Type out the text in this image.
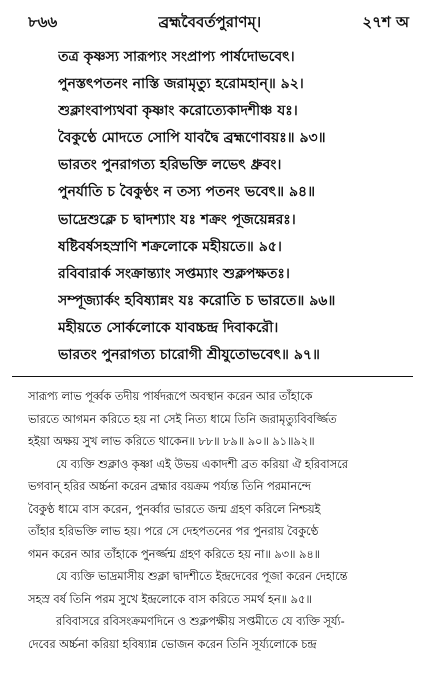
৮৬৬	ব্রহ্মবৈবর্তপুরাণম্।	২৭শ অ
তত্র কৃষ্ণস্য সারূপ্যং সংপ্রাপ্য পার্ষদোভবেৎ।
পুনস্তৎপতনং নাস্তি জরামৃত্যু হরোমহান্॥ ৯২।
শুক্লাংবাপ্যথবা কৃষ্ণাং করোত্যেকাদশীঞ্চ যঃ।
বৈকুণ্ঠে মোদতে সোপি যাবদ্বৈ ব্রহ্মণোবয়ঃ॥ ৯৩॥
ভারতং পুনরাগত্য হরিভক্তি লভেৎ ধ্রুবং।
পুনর্যাতি চ বৈকুণ্ঠং ন তস্য পতনং ভবেৎ॥ ৯৪॥
ভাদ্রেশুক্লে চ দ্বাদশ্যাং যঃ শক্রং পূজয়েন্নরঃ।
ষষ্টিবর্ষসহস্রাণি শক্রলোকে মহীয়তে॥ ৯৫।
রবিবারার্ক সংক্রান্ত্যাং সপ্তম্যাং শুক্লপক্ষতঃ।
সম্পূজ্যার্কং হবিষ্যান্নং যঃ করোতি চ ভারতে॥ ৯৬॥
মহীয়তে সোর্কলোকে যাবচ্চন্দ্র দিবাকরৌ।
ভারতং পুনরাগত্য চারোগী শ্রীযুতোভবেৎ॥ ৯৭॥
সারূপ্য লাভ পূর্ব্বক তদীয় পার্ষদরূপে অবস্থান করেন আর তাঁহাকে
ভারতে আগমন করিতে হয় না সেই নিত্য ধামে তিনি জরামৃত্যুবিবর্জ্জিত
হইয়া অক্ষয় সুখ লাভ করিতে থাকেন॥ ৮৮॥ ৮৯॥ ৯০॥ ৯১॥৯২॥
যে ব্যক্তি শুক্লাও কৃষ্ণা এই উভয় একাদশী ব্রত করিয়া ঐ হরিবাসরে
ভগবান্ হরির অর্চ্চনা করেন ব্রহ্মার বয়ক্রম পর্য্যন্ত তিনি পরমানন্দে
বৈকুণ্ঠ ধামে বাস করেন, পুনর্ব্বার ভারতে জন্ম গ্রহণ করিলে নিশ্চয়ই
তাঁহার হরিভক্তি লাভ হয়। পরে সে দেহপতনের পর পুনরায় বৈকুণ্ঠে
গমন করেন আর তাঁহাকে পুনর্জ্জন্ম গ্রহণ করিতে হয় না॥ ৯৩॥ ৯৪॥
যে ব্যক্তি ভাদ্রমাসীয় শুক্লা দ্বাদশীতে ইন্দ্রদেবের পূজা করেন দেহান্তে
সহস্র বর্ষ তিনি পরম সুখে ইন্দ্রলোকে বাস করিতে সমর্থ হন॥ ৯৫॥
রবিবাসরে রবিসংক্রমণদিনে ও শুক্লপক্ষীয় সপ্তমীতে যে ব্যক্তি সূর্য্য-
দেবের অর্চ্চনা করিয়া হবিষ্যান্ন ভোজন করেন তিনি সূর্য্যলোকে চন্দ্র
